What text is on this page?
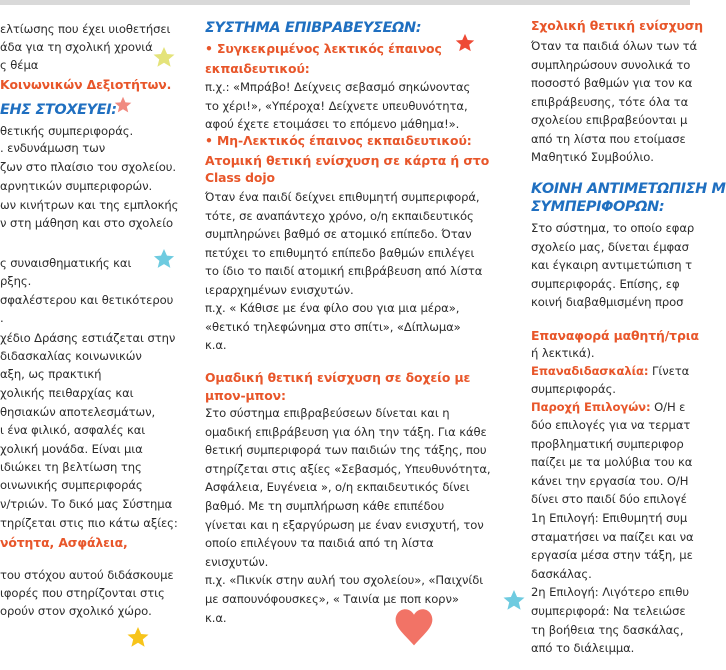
ελτίωσης που έχει υιοθετήσει
άδα για τη σχολική χρονιά
ς θέμα
Κοινωνικών Δεξιοτήτων.
ΕΗΣ ΣΤΟΧΕΥΕΙ:
θετικής συμπεριφοράς.
. ενδυνάμωση των
ζων στο πλαίσιο του σχολείου.
αρνητικών συμπεριφορών.
ων κινήτρων και της εμπλοκής
ν στη μάθηση και στο σχολείο
ς συναισθηματικής και
ρξης.
σφαλέστερου και θετικότερου
.
χέδιο Δράσης εστιάζεται στην
διδασκαλίας κοινωνικών
αξη, ως πρακτική
χολικής πειθαρχίας και
θησιακών αποτελεσμάτων,
ι ένα φιλικό, ασφαλές και
χολική μονάδα. Είναι μια
ιδιώκει τη βελτίωση της
οινωνικής συμπεριφοράς
ν/τριών. Το δικό μας Σύστημα
τηρίζεται στις πιο κάτω αξίες:
νότητα, Ασφάλεια,
του στόχου αυτού διδάσκουμε
ιφορές που στηρίζονται στις
ορούν στον σχολικό χώρο.
ΣΥΣΤΗΜΑ ΕΠΙΒΡΑΒΕΥΣΕΩΝ:
• Συγκεκριμένος λεκτικός έπαινος
εκπαιδευτικού:
π.χ.: «Μπράβο! Δείχνεις σεβασμό σηκώνοντας
το χέρι!», «Υπέροχα! Δείχνετε υπευθυνότητα,
αφού έχετε ετοιμάσει το επόμενο μάθημα!».
• Μη-Λεκτικός έπαινος εκπαιδευτικού:
Ατομική θετική ενίσχυση σε κάρτα ή στο
Class dojo
Όταν ένα παιδί δείχνει επιθυμητή συμπεριφορά,
τότε, σε αναπάντεχο χρόνο, ο/η εκπαιδευτικός
συμπληρώνει βαθμό σε ατομικό επίπεδο. Όταν
πετύχει το επιθυμητό επίπεδο βαθμών επιλέγει
το ίδιο το παιδί ατομική επιβράβευση από λίστα
ιεραρχημένων ενισχυτών.
π.χ. « Κάθισε με ένα φίλο σου για μια μέρα»,
«θετικό τηλεφώνημα στο σπίτι», «Δίπλωμα»
κ.α.
Ομαδική θετική ενίσχυση σε δοχείο με
μπον-μπον:
Στο σύστημα επιβραβεύσεων δίνεται και η
ομαδική επιβράβευση για όλη την τάξη. Για κάθε
θετική συμπεριφορά των παιδιών της τάξης, που
στηρίζεται στις αξίες «Σεβασμός, Υπευθυνότητα,
Ασφάλεια, Ευγένεια », ο/η εκπαιδευτικός δίνει
βαθμό. Με τη συμπλήρωση κάθε επιπέδου
γίνεται και η εξαργύρωση με έναν ενισχυτή, τον
οποίο επιλέγουν τα παιδιά από τη λίστα
ενισχυτών.
π.χ. «Πικνίκ στην αυλή του σχολείου», «Παιχνίδι
με σαπουνόφουσκες», « Ταινία με ποπ κορν»
κ.α.
Σχολική θετική ενίσχυση
Όταν τα παιδιά όλων των τά
συμπληρώσουν συνολικά το
ποσοστό βαθμών για τον κα
επιβράβευσης, τότε όλα τα
σχολείου επιβραβεύονται μ
από τη λίστα που ετοίμασε
Μαθητικό Συμβούλιο.
ΚΟΙΝΗ ΑΝΤΙΜΕΤΩΠΙΣΗ Μ
ΣΥΜΠΕΡΙΦΟΡΩΝ:
Στο σύστημα, το οποίο εφαρ
σχολείο μας, δίνεται έμφασ
και έγκαιρη αντιμετώπιση τ
συμπεριφοράς. Επίσης, εφ
κοινή διαβαθμισμένη προσ
Επαναφορά μαθητή/τρια
ή λεκτικά).
Επαναδιδασκαλία: Γίνετα
συμπεριφοράς.
Παροχή Επιλογών: Ο/Η ε
δύο επιλογές για να τερματ
προβληματική συμπεριφορ
παίζει με τα μολύβια του κα
κάνει την εργασία του. Ο/Η
δίνει στο παιδί δύο επιλογέ
1η Επιλογή: Επιθυμητή συμ
σταματήσει να παίζει και να
εργασία μέσα στην τάξη, με
δασκάλας.
2η Επιλογή: Λιγότερο επιθυ
συμπεριφορά: Να τελειώσε
τη βοήθεια της δασκάλας,
από το διάλειμμα.
